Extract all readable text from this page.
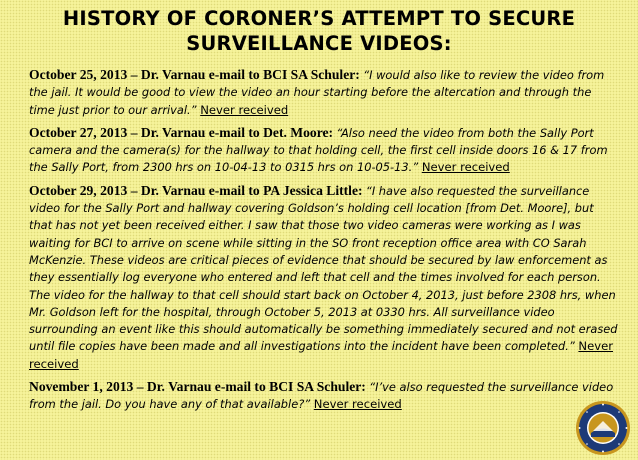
HISTORY OF CORONER’S ATTEMPT TO SECURE
SURVEILLANCE VIDEOS:

October 25, 2013 – Dr. Varnau e-mail to BCI SA Schuler: “I would also like to review the video from the jail. It would be good to view the video an hour starting before the altercation and through the time just prior to our arrival.” Never received

October 27, 2013 – Dr. Varnau e-mail to Det. Moore: “Also need the video from both the Sally Port camera and the camera(s) for the hallway to that holding cell, the first cell inside doors 16 & 17 from the Sally Port, from 2300 hrs on 10-04-13 to 0315 hrs on 10-05-13.” Never received

October 29, 2013 – Dr. Varnau e-mail to PA Jessica Little: “I have also requested the surveillance video for the Sally Port and hallway covering Goldson’s holding cell location [from Det. Moore], but that has not yet been received either. I saw that those two video cameras were working as I was waiting for BCI to arrive on scene while sitting in the SO front reception office area with CO Sarah McKenzie. These videos are critical pieces of evidence that should be secured by law enforcement as they essentially log everyone who entered and left that cell and the times involved for each person. The video for the hallway to that cell should start back on October 4, 2013, just before 2308 hrs, when Mr. Goldson left for the hospital, through October 5, 2013 at 0330 hrs. All surveillance video surrounding an event like this should automatically be something immediately secured and not erased until file copies have been made and all investigations into the incident have been completed.” Never received

November 1, 2013 – Dr. Varnau e-mail to BCI SA Schuler: “I’ve also requested the surveillance video from the jail. Do you have any of that available?” Never received
